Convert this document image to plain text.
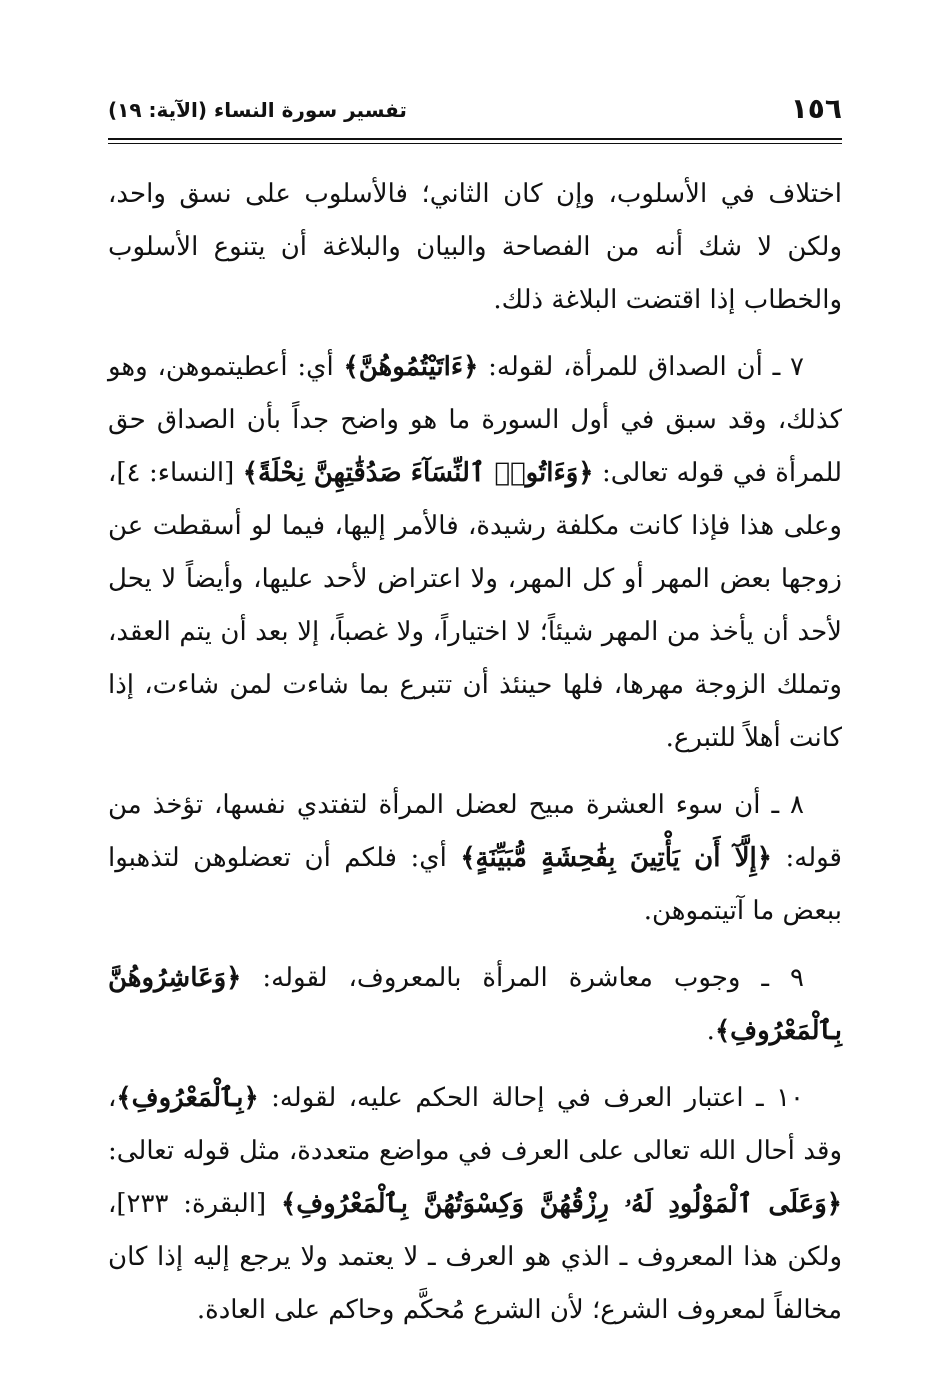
١٥٦
تفسير سورة النساء (الآية: ١٩)

اختلاف في الأسلوب، وإن كان الثاني؛ فالأسلوب على نسق واحد، ولكن لا شك أنه من الفصاحة والبيان والبلاغة أن يتنوع الأسلوب والخطاب إذا اقتضت البلاغة ذلك.

٧ ـ أن الصداق للمرأة، لقوله: ﴿ءَاتَيْتُمُوهُنَّ﴾ أي: أعطيتموهن، وهو كذلك، وقد سبق في أول السورة ما هو واضح جداً بأن الصداق حق للمرأة في قوله تعالى: ﴿وَءَاتُوا۟ ٱلنِّسَآءَ صَدُقَٰتِهِنَّ نِحْلَةً﴾ [النساء: ٤]، وعلى هذا فإذا كانت مكلفة رشيدة، فالأمر إليها، فيما لو أسقطت عن زوجها بعض المهر أو كل المهر، ولا اعتراض لأحد عليها، وأيضاً لا يحل لأحد أن يأخذ من المهر شيئاً؛ لا اختياراً، ولا غصباً، إلا بعد أن يتم العقد، وتملك الزوجة مهرها، فلها حينئذ أن تتبرع بما شاءت لمن شاءت، إذا كانت أهلاً للتبرع.

٨ ـ أن سوء العشرة مبيح لعضل المرأة لتفتدي نفسها، تؤخذ من قوله: ﴿إِلَّآ أَن يَأْتِينَ بِفَٰحِشَةٍ مُّبَيِّنَةٍ﴾ أي: فلكم أن تعضلوهن لتذهبوا ببعض ما آتيتموهن.

٩ ـ وجوب معاشرة المرأة بالمعروف، لقوله: ﴿وَعَاشِرُوهُنَّ بِٱلْمَعْرُوفِ﴾.

١٠ ـ اعتبار العرف في إحالة الحكم عليه، لقوله: ﴿بِٱلْمَعْرُوفِ﴾، وقد أحال الله تعالى على العرف في مواضع متعددة، مثل قوله تعالى: ﴿وَعَلَى ٱلْمَوْلُودِ لَهُۥ رِزْقُهُنَّ وَكِسْوَتُهُنَّ بِٱلْمَعْرُوفِ﴾ [البقرة: ٢٣٣]، ولكن هذا المعروف ـ الذي هو العرف ـ لا يعتمد ولا يرجع إليه إذا كان مخالفاً لمعروف الشرع؛ لأن الشرع مُحكَّم وحاكم على العادة.
